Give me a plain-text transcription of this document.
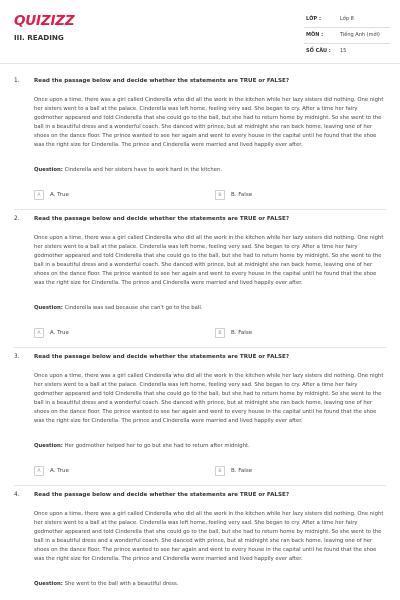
QUIZIZZ
III. READING
LỚP :	Lớp 8
MÔN :	Tiếng Anh (mới)
SỐ CÂU : 15
1.	Read the passage below and decide whether the statements are TRUE or FALSE?
Once upon a time, there was a girl called Cinderella who did all the work in the kitchen while her lazy sisters did nothing. One night her sisters went to a ball at the palace. Cinderella was left home, feeling very sad. She began to cry. After a time her fairy godmother appeared and told Cinderella that she could go to the ball, but she had to return home by midnight. So she went to the ball in a beautiful dress and a wonderful coach. She danced with prince, but at midnight she ran back home, leaving one of her shoes on the dance floor. The prince wanted to see her again and went to every house in the capital until he found that the shoe was the right size for Cinderella. The prince and Cinderella were married and lived happily ever after.
Question: Cinderella and her sisters have to work hard in the kitchen.
A	A. True	B	B. False
2.	Read the passage below and decide whether the statements are TRUE or FALSE?
Once upon a time, there was a girl called Cinderella who did all the work in the kitchen while her lazy sisters did nothing. One night her sisters went to a ball at the palace. Cinderella was left home, feeling very sad. She began to cry. After a time her fairy godmother appeared and told Cinderella that she could go to the ball, but she had to return home by midnight. So she went to the ball in a beautiful dress and a wonderful coach. She danced with prince, but at midnight she ran back home, leaving one of her shoes on the dance floor. The prince wanted to see her again and went to every house in the capital until he found that the shoe was the right size for Cinderella. The prince and Cinderella were married and lived happily ever after.
Question: Cinderella was sad because she can't go to the ball.
A	A. True	B	B. False
3.	Read the passage below and decide whether the statements are TRUE or FALSE?
Once upon a time, there was a girl called Cinderella who did all the work in the kitchen while her lazy sisters did nothing. One night her sisters went to a ball at the palace. Cinderella was left home, feeling very sad. She began to cry. After a time her fairy godmother appeared and told Cinderella that she could go to the ball, but she had to return home by midnight. So she went to the ball in a beautiful dress and a wonderful coach. She danced with prince, but at midnight she ran back home, leaving one of her shoes on the dance floor. The prince wanted to see her again and went to every house in the capital until he found that the shoe was the right size for Cinderella. The prince and Cinderella were married and lived happily ever after.
Question: Her godmother helped her to go but she had to return after midnight.
A	A. True	B	B. False
4.	Read the passage below and decide whether the statements are TRUE or FALSE?
Once upon a time, there was a girl called Cinderella who did all the work in the kitchen while her lazy sisters did nothing. One night her sisters went to a ball at the palace. Cinderella was left home, feeling very sad. She began to cry. After a time her fairy godmother appeared and told Cinderella that she could go to the ball, but she had to return home by midnight. So she went to the ball in a beautiful dress and a wonderful coach. She danced with prince, but at midnight she ran back home, leaving one of her shoes on the dance floor. The prince wanted to see her again and went to every house in the capital until he found that the shoe was the right size for Cinderella. The prince and Cinderella were married and lived happily ever after.
Question: She went to the ball with a beautiful dress.
